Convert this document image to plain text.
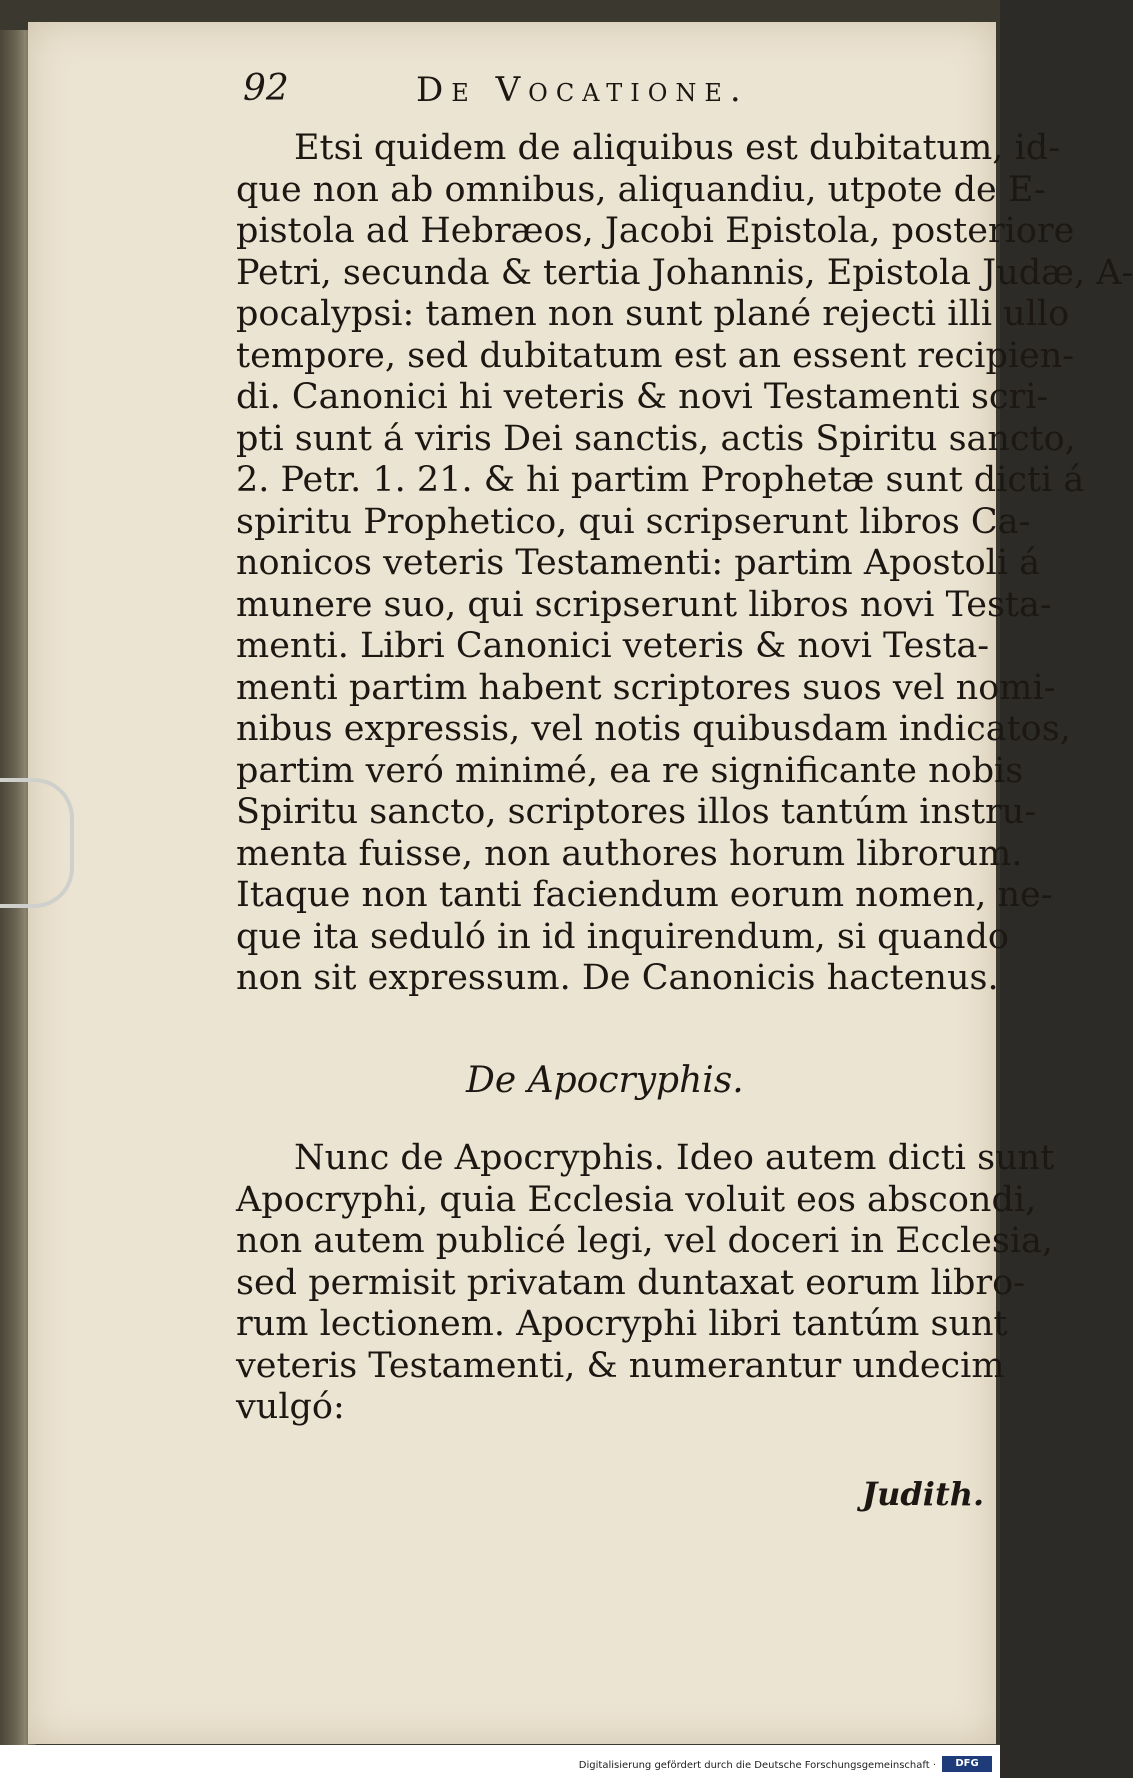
92	De Vocatione.
Etsi quidem de aliquibus est dubitatum, id-
que non ab omnibus, aliquandiu, utpote de E-
pistola ad Hebræos, Jacobi Epistola, posteriore
Petri, secunda & tertia Johannis, Epistola Judæ, A-
pocalypsi: tamen non sunt plané rejecti illi ullo
tempore, sed dubitatum est an essent recipien-
di. Canonici hi veteris & novi Testamenti scri-
pti sunt á viris Dei sanctis, actis Spiritu sancto,
2. Petr. 1. 21. & hi partim Prophetæ sunt dicti á
spiritu Prophetico, qui scripserunt libros Ca-
nonicos veteris Testamenti: partim Apostoli á
munere suo, qui scripserunt libros novi Testa-
menti. Libri Canonici veteris & novi Testa-
menti partim habent scriptores suos vel nomi-
nibus expressis, vel notis quibusdam indicatos,
partim veró minimé, ea re significante nobis
Spiritu sancto, scriptores illos tantúm instru-
menta fuisse, non authores horum librorum.
Itaque non tanti faciendum eorum nomen, ne-
que ita seduló in id inquirendum, si quando
non sit expressum. De Canonicis hactenus.
De Apocryphis.
Nunc de Apocryphis. Ideo autem dicti sunt
Apocryphi, quia Ecclesia voluit eos abscondi,
non autem publicé legi, vel doceri in Ecclesia,
sed permisit privatam duntaxat eorum libro-
rum lectionem. Apocryphi libri tantúm sunt
veteris Testamenti, & numerantur undecim
vulgó:
Judith.
Digitalisierung gefördert durch die Deutsche Forschungsgemeinschaft ·	DFG
